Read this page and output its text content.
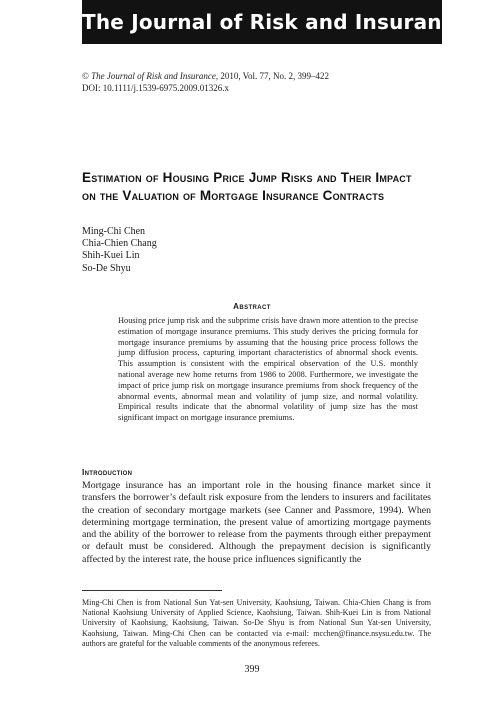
The Journal of Risk and Insurance
© The Journal of Risk and Insurance, 2010, Vol. 77, No. 2, 399–422
DOI: 10.1111/j.1539-6975.2009.01326.x
Estimation of Housing Price Jump Risks and Their Impact on the Valuation of Mortgage Insurance Contracts
Ming-Chi Chen
Chia-Chien Chang
Shih-Kuei Lin
So-De Shyu
Abstract
Housing price jump risk and the subprime crisis have drawn more attention to the precise estimation of mortgage insurance premiums. This study derives the pricing formula for mortgage insurance premiums by assuming that the housing price process follows the jump diffusion process, capturing important characteristics of abnormal shock events. This assumption is consistent with the empirical observation of the U.S. monthly national average new home returns from 1986 to 2008. Furthermore, we investigate the impact of price jump risk on mortgage insurance premiums from shock frequency of the abnormal events, abnormal mean and volatility of jump size, and normal volatility. Empirical results indicate that the abnormal volatility of jump size has the most significant impact on mortgage insurance premiums.
Introduction
Mortgage insurance has an important role in the housing finance market since it transfers the borrower’s default risk exposure from the lenders to insurers and facilitates the creation of secondary mortgage markets (see Canner and Passmore, 1994). When determining mortgage termination, the present value of amortizing mortgage payments and the ability of the borrower to release from the payments through either prepayment or default must be considered. Although the prepayment decision is significantly affected by the interest rate, the house price influences significantly the
Ming-Chi Chen is from National Sun Yat-sen University, Kaohsiung, Taiwan. Chia-Chien Chang is from National Kaohsiung University of Applied Science, Kaohsiung, Taiwan. Shih-Kuei Lin is from National University of Kaohsiung, Kaohsiung, Taiwan. So-De Shyu is from National Sun Yat-sen University, Kaohsiung, Taiwan. Ming-Chi Chen can be contacted via e-mail: mcchen@finance.nsysu.edu.tw. The authors are grateful for the valuable comments of the anonymous referees.
399
